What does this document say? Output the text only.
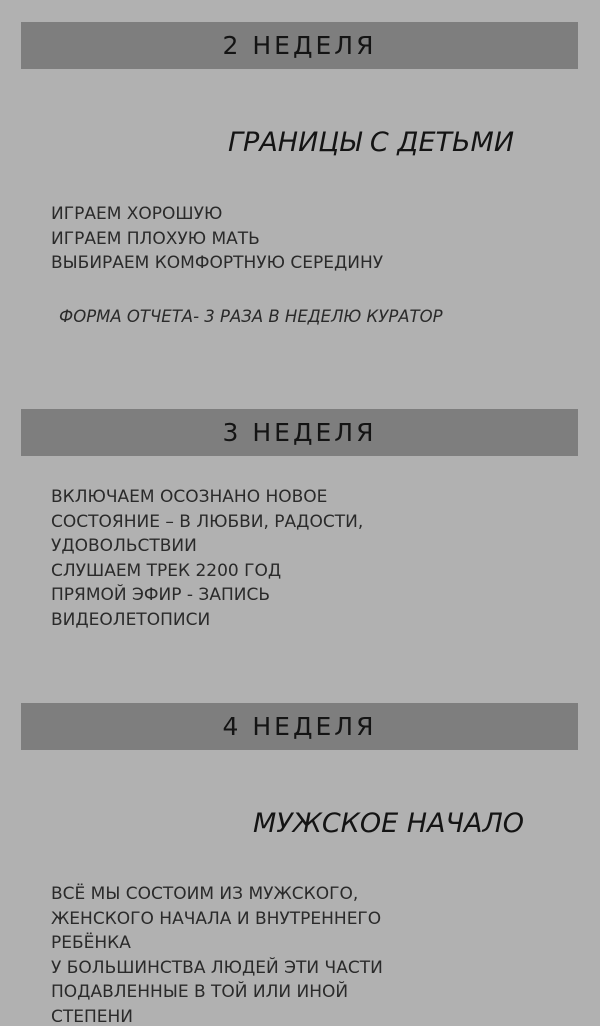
2 НЕДЕЛЯ
ГРАНИЦЫ С ДЕТЬМИ
ИГРАЕМ ХОРОШУЮ
ИГРАЕМ ПЛОХУЮ МАТЬ
ВЫБИРАЕМ КОМФОРТНУЮ СЕРЕДИНУ
ФОРМА ОТЧЕТА- 3 РАЗА В НЕДЕЛЮ КУРАТОР
3 НЕДЕЛЯ
ВКЛЮЧАЕМ ОСОЗНАНО НОВОЕ
СОСТОЯНИЕ – В ЛЮБВИ, РАДОСТИ,
УДОВОЛЬСТВИИ
СЛУШАЕМ ТРЕК 2200 ГОД
ПРЯМОЙ ЭФИР - ЗАПИСЬ
ВИДЕОЛЕТОПИСИ
4 НЕДЕЛЯ
МУЖСКОЕ НАЧАЛО
ВСЁ МЫ СОСТОИМ ИЗ МУЖСКОГО,
ЖЕНСКОГО НАЧАЛА И ВНУТРЕННЕГО
РЕБЁНКА
У БОЛЬШИНСТВА ЛЮДЕЙ ЭТИ ЧАСТИ
ПОДАВЛЕННЫЕ В ТОЙ ИЛИ ИНОЙ
СТЕПЕНИ
